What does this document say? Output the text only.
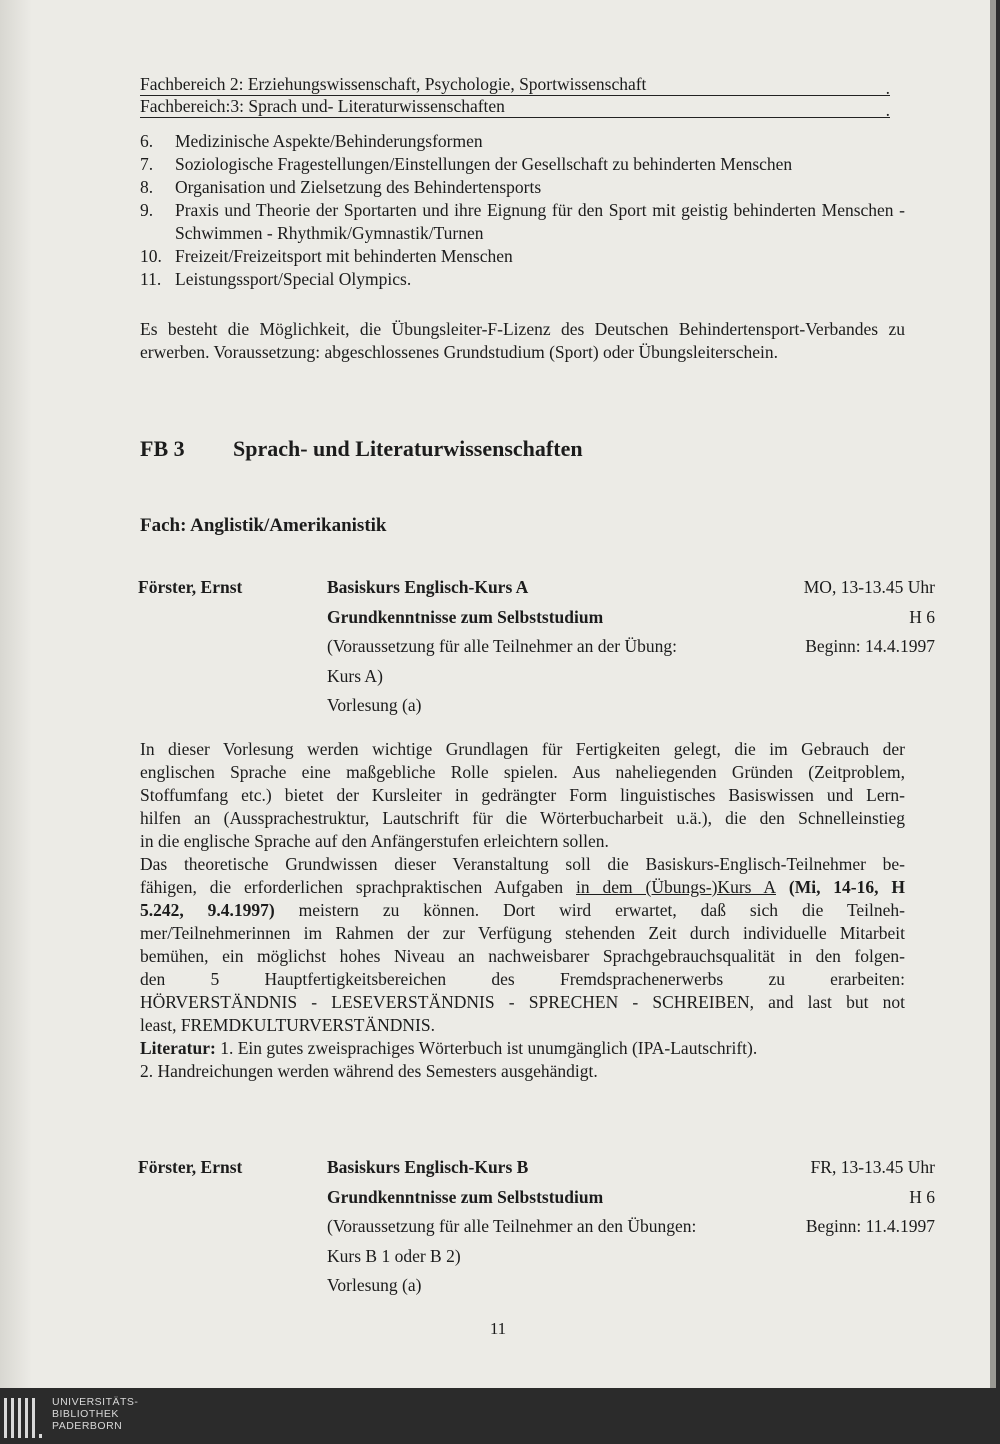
Fachbereich 2: Erziehungswissenschaft, Psychologie, Sportwissenschaft	.
Fachbereich:3: Sprach und- Literaturwissenschaften	.
6.	Medizinische Aspekte/Behinderungsformen
7.	Soziologische Fragestellungen/Einstellungen der Gesellschaft zu behinderten Menschen
8.	Organisation und Zielsetzung des Behindertensports
9.	Praxis und Theorie der Sportarten und ihre Eignung für den Sport mit geistig behinderten Menschen - Schwimmen - Rhythmik/Gymnastik/Turnen
10. Freizeit/Freizeitsport mit behinderten Menschen
11. Leistungssport/Special Olympics.

Es besteht die Möglichkeit, die Übungsleiter-F-Lizenz des Deutschen Behindertensport-Verbandes zu erwerben. Voraussetzung: abgeschlossenes Grundstudium (Sport) oder Übungsleiterschein.

FB 3	Sprach- und Literaturwissenschaften
Fach: Anglistik/Amerikanistik
Förster, Ernst	Basiskurs Englisch-Kurs A	MO, 13-13.45 Uhr
Grundkenntnisse zum Selbststudium	H 6
(Voraussetzung für alle Teilnehmer an der Übung:	Beginn: 14.4.1997
Kurs A)
Vorlesung (a)
In dieser Vorlesung werden wichtige Grundlagen für Fertigkeiten gelegt, die im Gebrauch der
englischen Sprache eine maßgebliche Rolle spielen. Aus naheliegenden Gründen (Zeitproblem,
Stoffumfang etc.) bietet der Kursleiter in gedrängter Form linguistisches Basiswissen und Lern-
hilfen an (Aussprachestruktur, Lautschrift für die Wörterbucharbeit u.ä.), die den Schnelleinstieg
in die englische Sprache auf den Anfängerstufen erleichtern sollen.
Das theoretische Grundwissen dieser Veranstaltung soll die Basiskurs-Englisch-Teilnehmer be-
fähigen, die erforderlichen sprachpraktischen Aufgaben in dem (Übungs-)Kurs A (Mi, 14-16, H
5.242, 9.4.1997) meistern zu können. Dort wird erwartet, daß sich die Teilneh-
mer/Teilnehmerinnen im Rahmen der zur Verfügung stehenden Zeit durch individuelle Mitarbeit
bemühen, ein möglichst hohes Niveau an nachweisbarer Sprachgebrauchsqualität in den folgen-
den 5 Hauptfertigkeitsbereichen des Fremdsprachenerwerbs zu erarbeiten:
HÖRVERSTÄNDNIS - LESEVERSTÄNDNIS - SPRECHEN - SCHREIBEN, and last but not
least, FREMDKULTURVERSTÄNDNIS.
Literatur: 1. Ein gutes zweisprachiges Wörterbuch ist unumgänglich (IPA-Lautschrift).
2. Handreichungen werden während des Semesters ausgehändigt.
Förster, Ernst	Basiskurs Englisch-Kurs B	FR, 13-13.45 Uhr
Grundkenntnisse zum Selbststudium	H 6
(Voraussetzung für alle Teilnehmer an den Übungen:	Beginn: 11.4.1997
Kurs B 1 oder B 2)
Vorlesung (a)
11
UNIVERSITÄTS-
BIBLIOTHEK
PADERBORN
